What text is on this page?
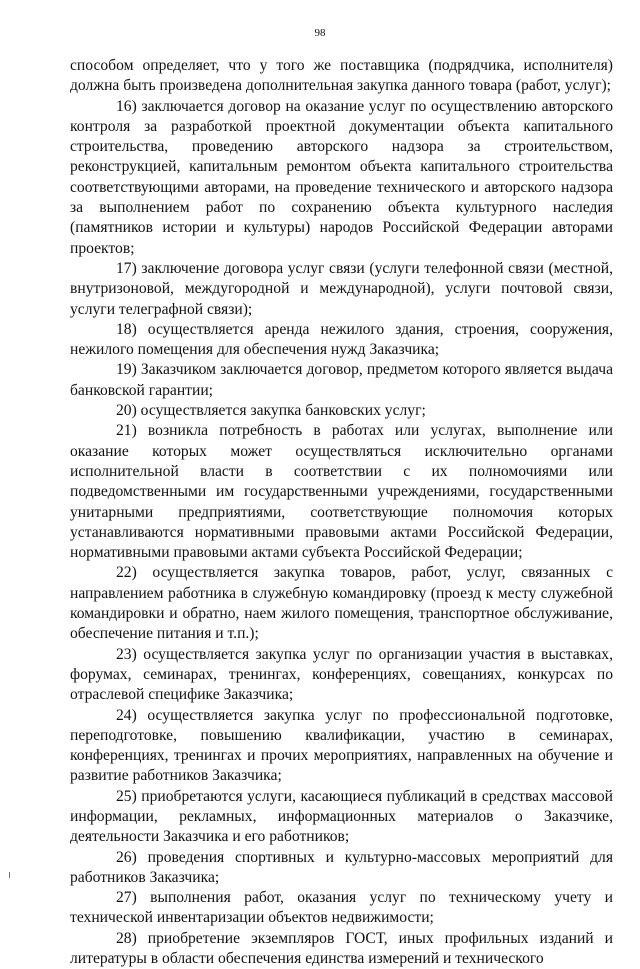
98

способом определяет, что у того же поставщика (подрядчика, исполнителя) должна быть произведена дополнительная закупка данного товара (работ, услуг);

16) заключается договор на оказание услуг по осуществлению авторского контроля за разработкой проектной документации объекта капитального строительства, проведению авторского надзора за строительством, реконструкцией, капитальным ремонтом объекта капитального строительства соответствующими авторами, на проведение технического и авторского надзора за выполнением работ по сохранению объекта культурного наследия (памятников истории и культуры) народов Российской Федерации авторами проектов;

17) заключение договора услуг связи (услуги телефонной связи (местной, внутризоновой, междугородной и международной), услуги почтовой связи, услуги телеграфной связи);

18) осуществляется аренда нежилого здания, строения, сооружения, нежилого помещения для обеспечения нужд Заказчика;

19) Заказчиком заключается договор, предметом которого является выдача банковской гарантии;

20) осуществляется закупка банковских услуг;

21) возникла потребность в работах или услугах, выполнение или оказание которых может осуществляться исключительно органами исполнительной власти в соответствии с их полномочиями или подведомственными им государственными учреждениями, государственными унитарными предприятиями, соответствующие полномочия которых устанавливаются нормативными правовыми актами Российской Федерации, нормативными правовыми актами субъекта Российской Федерации;

22) осуществляется закупка товаров, работ, услуг, связанных с направлением работника в служебную командировку (проезд к месту служебной командировки и обратно, наем жилого помещения, транспортное обслуживание, обеспечение питания и т.п.);

23) осуществляется закупка услуг по организации участия в выставках, форумах, семинарах, тренингах, конференциях, совещаниях, конкурсах по отраслевой специфике Заказчика;

24) осуществляется закупка услуг по профессиональной подготовке, переподготовке, повышению квалификации, участию в семинарах, конференциях, тренингах и прочих мероприятиях, направленных на обучение и развитие работников Заказчика;

25) приобретаются услуги, касающиеся публикаций в средствах массовой информации, рекламных, информационных материалов о Заказчике, деятельности Заказчика и его работников;

26) проведения спортивных и культурно-массовых мероприятий для работников Заказчика;

27) выполнения работ, оказания услуг по техническому учету и технической инвентаризации объектов недвижимости;

28) приобретение экземпляров ГОСТ, иных профильных изданий и литературы в области обеспечения единства измерений и технического
